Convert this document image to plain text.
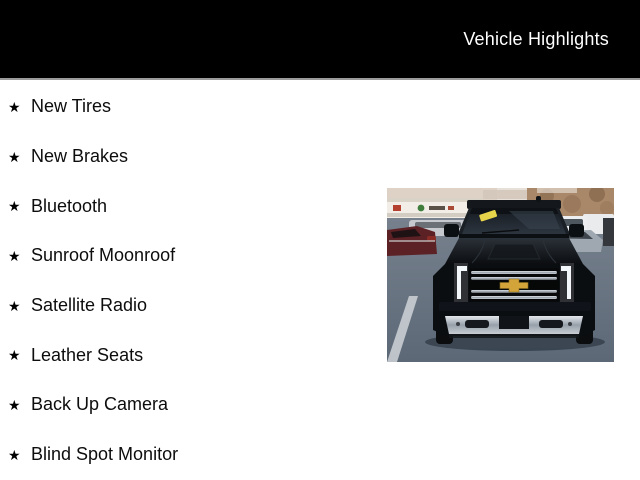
Vehicle Highlights
★ New Tires
★ New Brakes
★ Bluetooth
★ Sunroof Moonroof
★ Satellite Radio
★ Leather Seats
★ Back Up Camera
★ Blind Spot Monitor
